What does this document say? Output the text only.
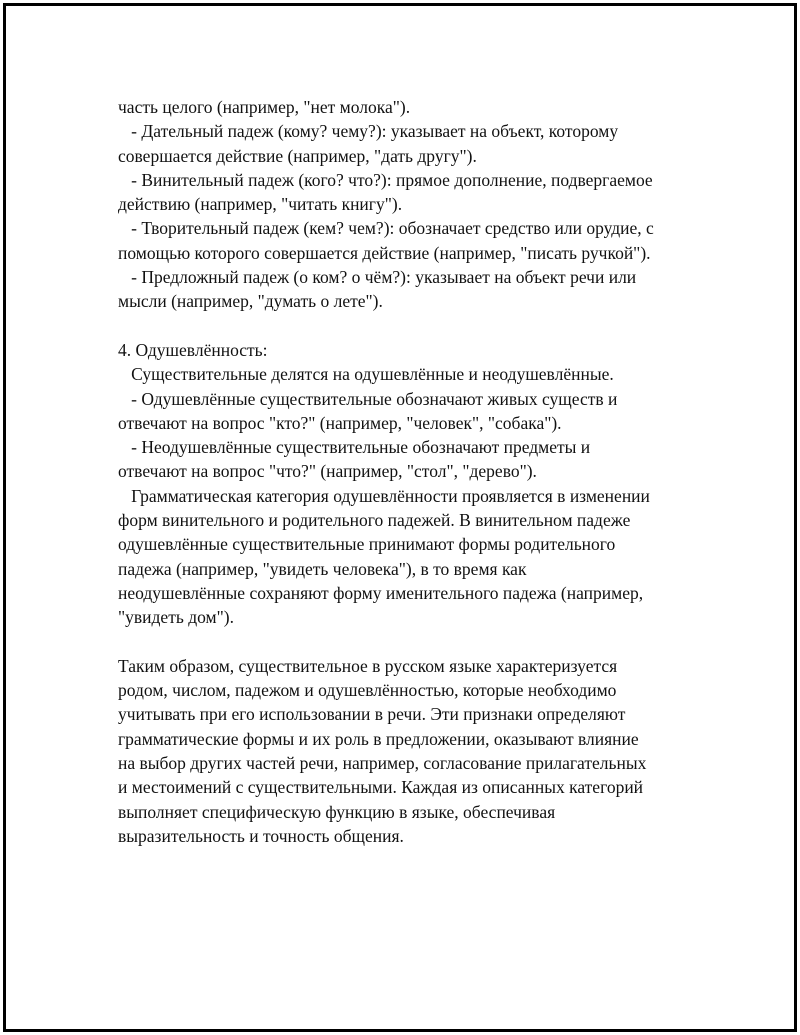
часть целого (например, "нет молока").
- Дательный падеж (кому? чему?): указывает на объект, которому
совершается действие (например, "дать другу").
- Винительный падеж (кого? что?): прямое дополнение, подвергаемое
действию (например, "читать книгу").
- Творительный падеж (кем? чем?): обозначает средство или орудие, с
помощью которого совершается действие (например, "писать ручкой").
- Предложный падеж (о ком? о чём?): указывает на объект речи или
мысли (например, "думать о лете").
4. Одушевлённость:
Существительные делятся на одушевлённые и неодушевлённые.
- Одушевлённые существительные обозначают живых существ и
отвечают на вопрос "кто?" (например, "человек", "собака").
- Неодушевлённые существительные обозначают предметы и
отвечают на вопрос "что?" (например, "стол", "дерево").
Грамматическая категория одушевлённости проявляется в изменении
форм винительного и родительного падежей. В винительном падеже
одушевлённые существительные принимают формы родительного
падежа (например, "увидеть человека"), в то время как
неодушевлённые сохраняют форму именительного падежа (например,
"увидеть дом").
Таким образом, существительное в русском языке характеризуется
родом, числом, падежом и одушевлённостью, которые необходимо
учитывать при его использовании в речи. Эти признаки определяют
грамматические формы и их роль в предложении, оказывают влияние
на выбор других частей речи, например, согласование прилагательных
и местоимений с существительными. Каждая из описанных категорий
выполняет специфическую функцию в языке, обеспечивая
выразительность и точность общения.
